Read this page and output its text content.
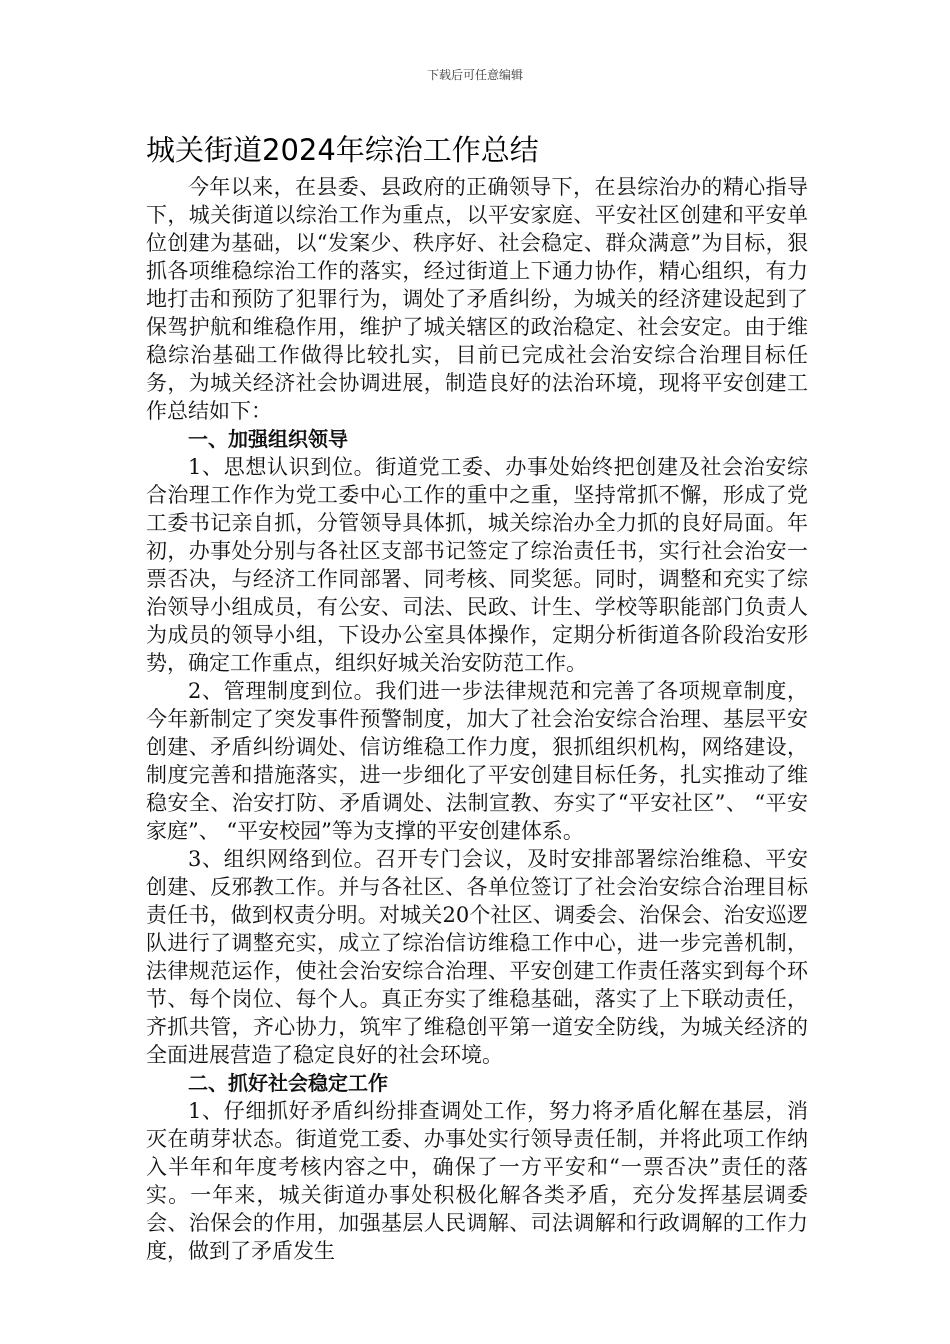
下载后可任意编辑
城关街道2024年综治工作总结

今年以来，在县委、县政府的正确领导下，在县综治办的精心指导下，城关街道以综治工作为重点，以平安家庭、平安社区创建和平安单位创建为基础，以“发案少、秩序好、社会稳定、群众满意”为目标，狠抓各项维稳综治工作的落实，经过街道上下通力协作，精心组织，有力地打击和预防了犯罪行为，调处了矛盾纠纷，为城关的经济建设起到了保驾护航和维稳作用，维护了城关辖区的政治稳定、社会安定。由于维稳综治基础工作做得比较扎实，目前已完成社会治安综合治理目标任务，为城关经济社会协调进展，制造良好的法治环境，现将平安创建工作总结如下：

一、加强组织领导

1、思想认识到位。街道党工委、办事处始终把创建及社会治安综合治理工作作为党工委中心工作的重中之重，坚持常抓不懈，形成了党工委书记亲自抓，分管领导具体抓，城关综治办全力抓的良好局面。年初，办事处分别与各社区支部书记签定了综治责任书，实行社会治安一票否决，与经济工作同部署、同考核、同奖惩。同时，调整和充实了综治领导小组成员，有公安、司法、民政、计生、学校等职能部门负责人为成员的领导小组，下设办公室具体操作，定期分析街道各阶段治安形势，确定工作重点，组织好城关治安防范工作。

2、管理制度到位。我们进一步法律规范和完善了各项规章制度，今年新制定了突发事件预警制度，加大了社会治安综合治理、基层平安创建、矛盾纠纷调处、信访维稳工作力度，狠抓组织机构，网络建设，制度完善和措施落实，进一步细化了平安创建目标任务，扎实推动了维稳安全、治安打防、矛盾调处、法制宣教、夯实了“平安社区”、 “平安家庭”、 “平安校园”等为支撑的平安创建体系。

3、组织网络到位。召开专门会议，及时安排部署综治维稳、平安创建、反邪教工作。并与各社区、各单位签订了社会治安综合治理目标责任书，做到权责分明。对城关20个社区、调委会、治保会、治安巡逻队进行了调整充实，成立了综治信访维稳工作中心，进一步完善机制，法律规范运作，使社会治安综合治理、平安创建工作责任落实到每个环节、每个岗位、每个人。真正夯实了维稳基础，落实了上下联动责任，齐抓共管，齐心协力，筑牢了维稳创平第一道安全防线，为城关经济的全面进展营造了稳定良好的社会环境。

二、抓好社会稳定工作

1、仔细抓好矛盾纠纷排查调处工作，努力将矛盾化解在基层，消灭在萌芽状态。街道党工委、办事处实行领导责任制，并将此项工作纳入半年和年度考核内容之中，确保了一方平安和“一票否决”责任的落实。一年来，城关街道办事处积极化解各类矛盾，充分发挥基层调委会、治保会的作用，加强基层人民调解、司法调解和行政调解的工作力度，做到了矛盾发生
